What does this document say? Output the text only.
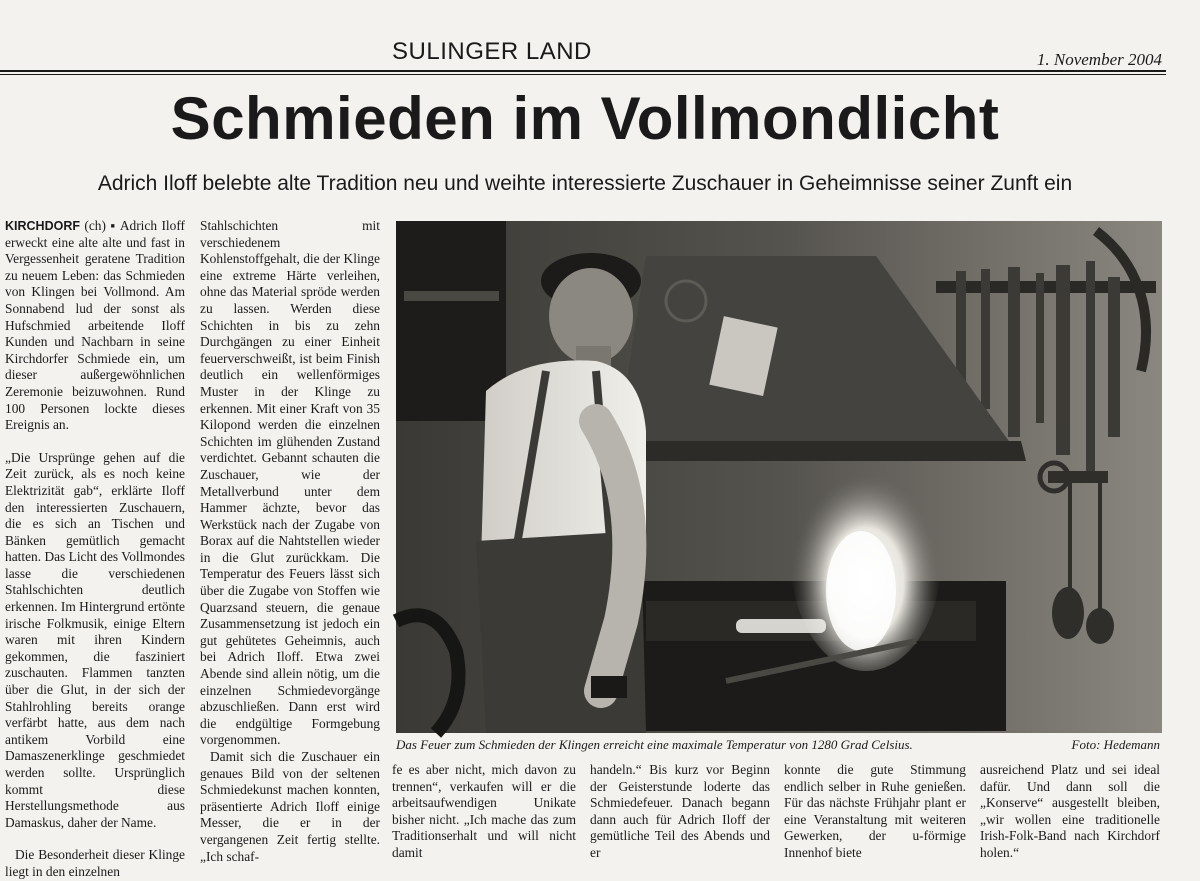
SULINGER LAND	1. November 2004
Schmieden im Vollmondlicht
Adrich Iloff belebte alte Tradition neu und weihte interessierte Zuschauer in Geheimnisse seiner Zunft ein

KIRCHDORF (ch) ▪ Adrich Iloff erweckt eine alte alte und fast in Vergessenheit geratene Tradition zu neuem Leben: das Schmieden von Klingen bei Vollmond. Am Sonnabend lud der sonst als Hufschmied arbeitende Iloff Kunden und Nachbarn in seine Kirchdorfer Schmiede ein, um dieser außergewöhnlichen Zeremonie beizuwohnen. Rund 100 Personen lockte dieses Ereignis an.

„Die Ursprünge gehen auf die Zeit zurück, als es noch keine Elektrizität gab“, erklärte Iloff den interessierten Zuschauern, die es sich an Tischen und Bänken gemütlich gemacht hatten. Das Licht des Vollmondes lasse die verschiedenen Stahlschichten deutlich erkennen. Im Hintergrund ertönte irische Folkmusik, einige Eltern waren mit ihren Kindern gekommen, die fasziniert zuschauten. Flammen tanzten über die Glut, in der sich der Stahlrohling bereits orange verfärbt hatte, aus dem nach antikem Vorbild eine Damaszenerklinge geschmiedet werden sollte. Ursprünglich kommt diese Herstellungsmethode aus Damaskus, daher der Name.

Die Besonderheit dieser Klinge liegt in den einzelnen

Stahlschichten mit verschiedenem Kohlenstoffgehalt, die der Klinge eine extreme Härte verleihen, ohne das Material spröde werden zu lassen. Werden diese Schichten in bis zu zehn Durchgängen zu einer Einheit feuerverschweißt, ist beim Finish deutlich ein wellenförmiges Muster in der Klinge zu erkennen. Mit einer Kraft von 35 Kilopond werden die einzelnen Schichten im glühenden Zustand verdichtet. Gebannt schauten die Zuschauer, wie der Metallverbund unter dem Hammer ächzte, bevor das Werkstück nach der Zugabe von Borax auf die Nahtstellen wieder in die Glut zurückkam. Die Temperatur des Feuers lässt sich über die Zugabe von Stoffen wie Quarzsand steuern, die genaue Zusammensetzung ist jedoch ein gut gehütetes Geheimnis, auch bei Adrich Iloff. Etwa zwei Abende sind allein nötig, um die einzelnen Schmiedevorgänge abzuschließen. Dann erst wird die endgültige Formgebung vorgenommen.

Damit sich die Zuschauer ein genaues Bild von der seltenen Schmiedekunst machen konnten, präsentierte Adrich Iloff einige Messer, die er in der vergangenen Zeit fertig stellte. „Ich schaf-

Das Feuer zum Schmieden der Klingen erreicht eine maximale Temperatur von 1280 Grad Celsius.	Foto: Hedemann

fe es aber nicht, mich davon zu trennen“, verkaufen will er die arbeitsaufwendigen Unikate bisher nicht. „Ich mache das zum Traditionserhalt und will nicht damit

handeln.“ Bis kurz vor Beginn der Geisterstunde loderte das Schmiedefeuer. Danach begann dann auch für Adrich Iloff der gemütliche Teil des Abends und er

konnte die gute Stimmung endlich selber in Ruhe genießen. Für das nächste Frühjahr plant er eine Veranstaltung mit weiteren Gewerken, der u-förmige Innenhof biete

ausreichend Platz und sei ideal dafür. Und dann soll die „Konserve“ ausgestellt bleiben, „wir wollen eine traditionelle Irish-Folk-Band nach Kirchdorf holen.“
